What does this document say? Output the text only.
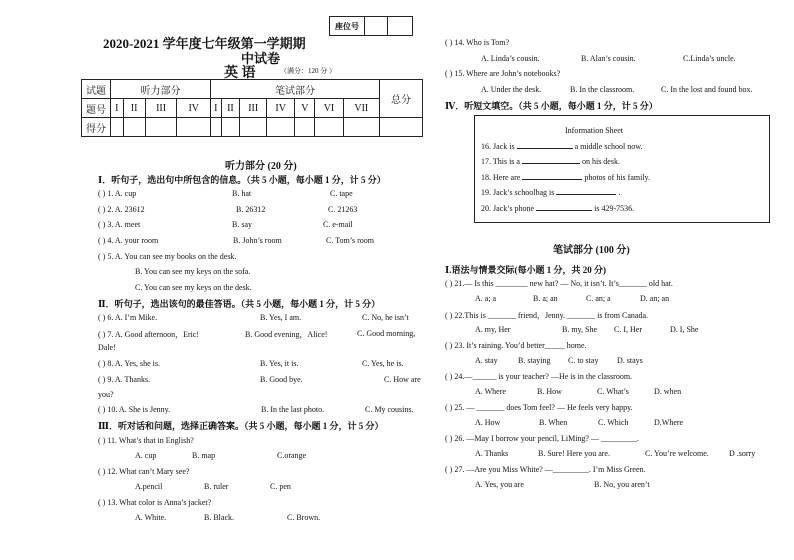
座位号		
2020-2021 学年度七年级第一学期期
中试卷
英 语	（满分：120 分 ）
试题	听力部分				笔试部分							总分
题号	I	II	III	IV	I	II	III	IV	V	VI	VII	
得分												
听力部分 (20 分)
Ⅰ．听句子，选出句中所包含的信息。（共 5 小题，每小题 1 分，计 5 分）
( ) 1. A. cup	B. hat	C. tape
( ) 2. A. 23612	B. 26312	C. 21263
( ) 3. A. meet	B. say	C. e-mail
( ) 4. A. your room	B. John’s room	C. Tom’s room
( ) 5. A. You can see my books on the desk.
B. You can see my keys on the sofa.
C. You can see my keys on the desk.
Ⅱ．听句子，选出该句的最佳答语。（共 5 小题，每小题 1 分，计 5 分）
( ) 6. A. I’m Mike.	B. Yes, I am.	C. No, he isn’t
( ) 7. A. Good afternoon，Eric!	B. Good evening，Alice!	C. Good morning,
Dale!
( ) 8. A. Yes, she is.	B. Yes, it is.	C. Yes, he is.
( ) 9. A. Thanks.	B. Good bye.	C. How are
you?
( ) 10. A. She is Jenny.	B. In the last photo.	C. My cousins.
Ⅲ．听对话和问题，选择正确答案。（共 5 小题，每小题 1 分，计 5 分）
( ) 11. What’s that in English?
A. cup	B. map	C.orange
( ) 12. What can’t Mary see?
A.pencil	B. ruler	C. pen
( ) 13. What color is Anna’s jacket?
A. White.	B. Black.	C. Brown.
( ) 14. Who is Tom?
A. Linda’s cousin.	B. Alan’s cousin.	C.Linda’s uncle.
( ) 15. Where are John’s notebooks?
A. Under the desk.	B. In the classroom.	C. In the lost and found box.
Ⅳ．听短文填空。（共 5 小题，每小题 1 分，计 5 分）
Information Sheet
16. Jack is	a middle school now.
17. This is a	on his desk.
18. Here are	photos of his family.
19. Jack’s schoolbag is	.
20. Jack’s phone	is 429-7536.
笔试部分 (100 分)
Ⅰ.语法与情景交际(每小题 1 分，共 20 分)
( ) 21.— Is this ________ new hat? — No, it isn’t. It’s_______ old hat.
A. a; a	B. a; an	C. an; a	D. an; an
( ) 22.This is _______ friend，Jenny. _______ is from Canada.
A. my, Her	B. my, She C. I, Her	D. I, She
( ) 23. It’s raining. You’d better_____ home.
A. stay	B. staying C. to stay D. stays
( ) 24.—______ is your teacher? —He is in the classroom.
A. Where	B. How	C. What’s	D. when
( ) 25. — _______ does Tom feel? — He feels very happy.
A. How	B. When	C. Which	D.Where
( ) 26. —May I borrow your pencil, LiMing? — _________.
A. Thanks	B. Sure! Here you are.	C. You’re welcome.	D .sorry
( ) 27. —Are you Miss White? —_________. I’m Miss Green.
A. Yes, you are	B. No, you aren’t
